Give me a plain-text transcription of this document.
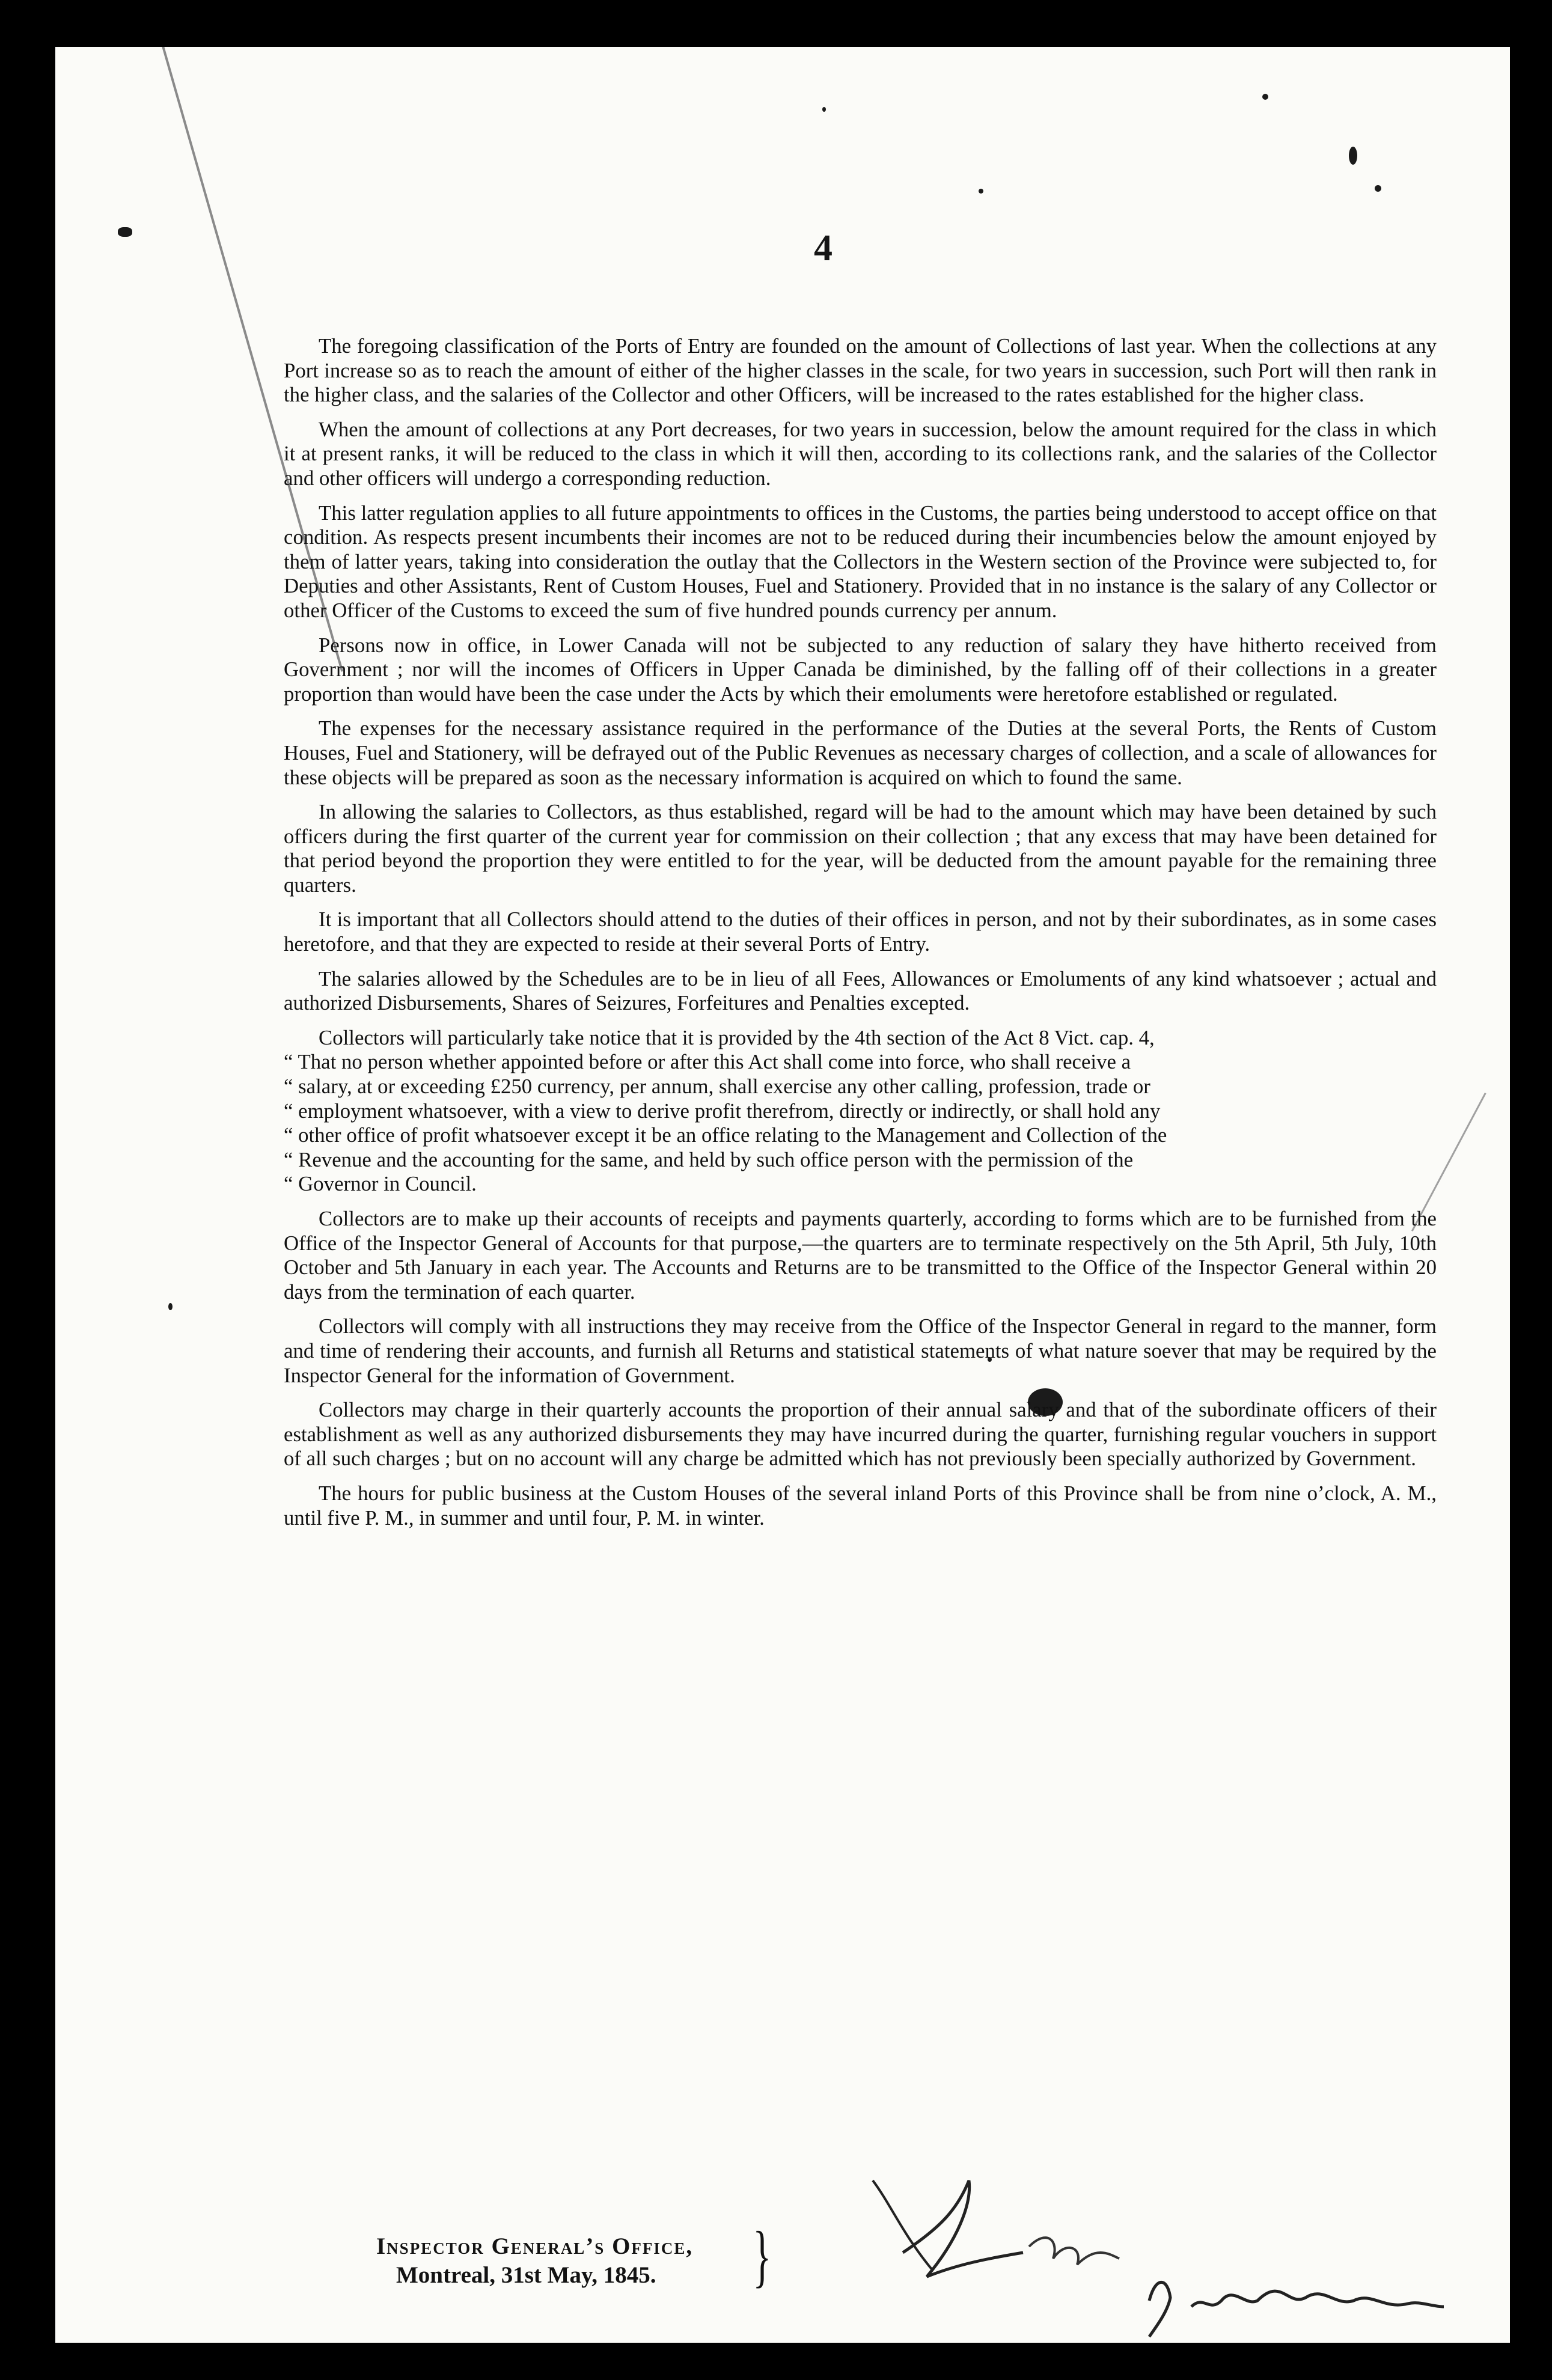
4

The foregoing classification of the Ports of Entry are founded on the amount of Collections of last year. When the collections at any Port increase so as to reach the amount of either of the higher classes in the scale, for two years in succession, such Port will then rank in the higher class, and the salaries of the Collector and other Officers, will be increased to the rates established for the higher class.

When the amount of collections at any Port decreases, for two years in succession, below the amount required for the class in which it at present ranks, it will be reduced to the class in which it will then, according to its collections rank, and the salaries of the Collector and other officers will undergo a corresponding reduction.

This latter regulation applies to all future appointments to offices in the Customs, the parties being understood to accept office on that condition. As respects present incumbents their incomes are not to be reduced during their incumbencies below the amount enjoyed by them of latter years, taking into consideration the outlay that the Collectors in the Western section of the Province were subjected to, for Deputies and other Assistants, Rent of Custom Houses, Fuel and Stationery. Provided that in no instance is the salary of any Collector or other Officer of the Customs to exceed the sum of five hundred pounds currency per annum.

Persons now in office, in Lower Canada will not be subjected to any reduction of salary they have hitherto received from Government ; nor will the incomes of Officers in Upper Canada be diminished, by the falling off of their collections in a greater proportion than would have been the case under the Acts by which their emoluments were heretofore established or regulated.

The expenses for the necessary assistance required in the performance of the Duties at the several Ports, the Rents of Custom Houses, Fuel and Stationery, will be defrayed out of the Public Revenues as necessary charges of collection, and a scale of allowances for these objects will be prepared as soon as the necessary information is acquired on which to found the same.

In allowing the salaries to Collectors, as thus established, regard will be had to the amount which may have been detained by such officers during the first quarter of the current year for commission on their collection ; that any excess that may have been detained for that period beyond the proportion they were entitled to for the year, will be deducted from the amount payable for the remaining three quarters.

It is important that all Collectors should attend to the duties of their offices in person, and not by their subordinates, as in some cases heretofore, and that they are expected to reside at their several Ports of Entry.

The salaries allowed by the Schedules are to be in lieu of all Fees, Allowances or Emoluments of any kind whatsoever ; actual and authorized Disbursements, Shares of Seizures, Forfeitures and Penalties excepted.

Collectors will particularly take notice that it is provided by the 4th section of the Act 8 Vict. cap. 4,

“ That no person whether appointed before or after this Act shall come into force, who shall receive a
“ salary, at or exceeding £250 currency, per annum, shall exercise any other calling, profession, trade or
“ employment whatsoever, with a view to derive profit therefrom, directly or indirectly, or shall hold any
“ other office of profit whatsoever except it be an office relating to the Management and Collection of the
“ Revenue and the accounting for the same, and held by such office person with the permission of the
“ Governor in Council.

Collectors are to make up their accounts of receipts and payments quarterly, according to forms which are to be furnished from the Office of the Inspector General of Accounts for that purpose,—the quarters are to terminate respectively on the 5th April, 5th July, 10th October and 5th January in each year. The Accounts and Returns are to be transmitted to the Office of the Inspector General within 20 days from the termination of each quarter.

Collectors will comply with all instructions they may receive from the Office of the Inspector General in regard to the manner, form and time of rendering their accounts, and furnish all Returns and statistical statements of what nature soever that may be required by the Inspector General for the information of Government.

Collectors may charge in their quarterly accounts the proportion of their annual salary and that of the subordinate officers of their establishment as well as any authorized disbursements they may have incurred during the quarter, furnishing regular vouchers in support of all such charges ; but on no account will any charge be admitted which has not previously been specially authorized by Government.

The hours for public business at the Custom Houses of the several inland Ports of this Province shall be from nine o’clock, A. M., until five P. M., in summer and until four, P. M. in winter.

Inspector General’s Office,
Montreal, 31st May, 1845.	}
